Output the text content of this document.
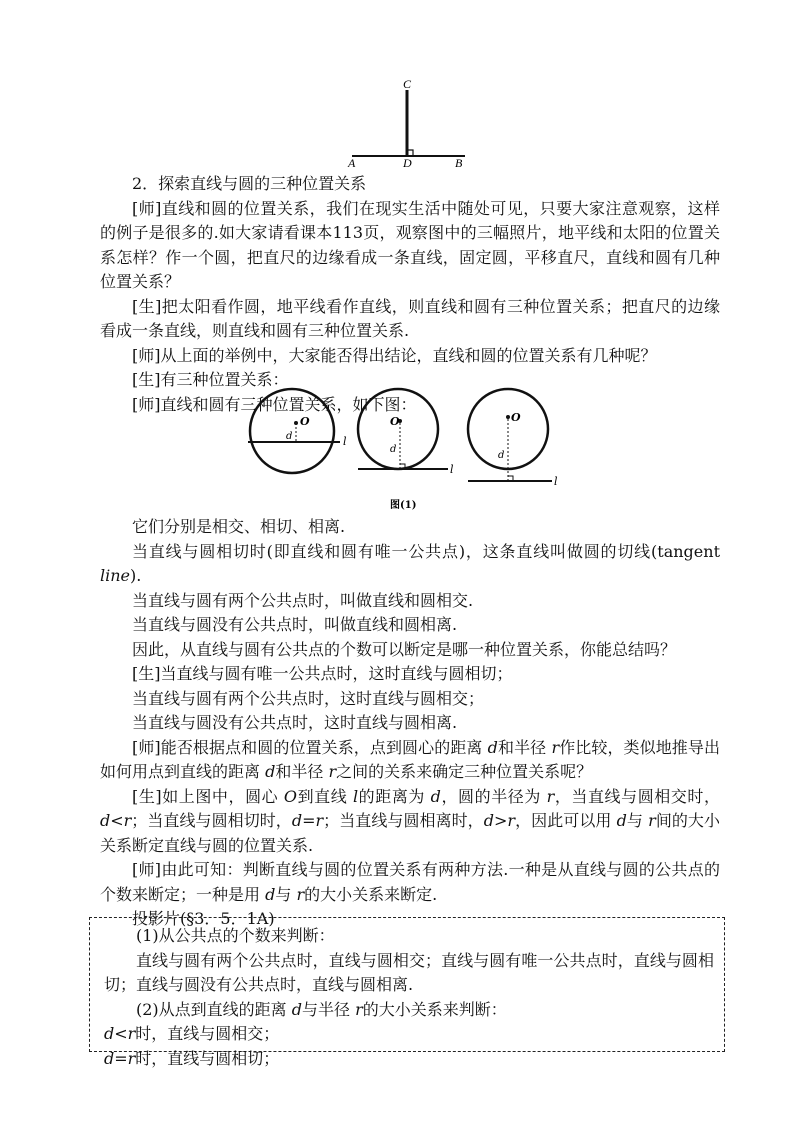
C
A	D	B

2．探索直线与圆的三种位置关系

[师]直线和圆的位置关系，我们在现实生活中随处可见，只要大家注意观察，这样的例子是很多的.如大家请看课本113页，观察图中的三幅照片，地平线和太阳的位置关系怎样？作一个圆，把直尺的边缘看成一条直线，固定圆，平移直尺，直线和圆有几种位置关系？

[生]把太阳看作圆，地平线看作直线，则直线和圆有三种位置关系；把直尺的边缘看成一条直线，则直线和圆有三种位置关系.

[师]从上面的举例中，大家能否得出结论，直线和圆的位置关系有几种呢？

[生]有三种位置关系：

[师]直线和圆有三种位置关系，如下图：

O
d	l
O
d
l
O
d
l
图(1)

它们分别是相交、相切、相离.

当直线与圆相切时(即直线和圆有唯一公共点)，这条直线叫做圆的切线(tangent line).

当直线与圆有两个公共点时，叫做直线和圆相交.

当直线与圆没有公共点时，叫做直线和圆相离.

因此，从直线与圆有公共点的个数可以断定是哪一种位置关系，你能总结吗？

[生]当直线与圆有唯一公共点时，这时直线与圆相切；

当直线与圆有两个公共点时，这时直线与圆相交；

当直线与圆没有公共点时，这时直线与圆相离.

[师]能否根据点和圆的位置关系，点到圆心的距离 d和半径 r作比较，类似地推导出如何用点到直线的距离 d和半径 r之间的关系来确定三种位置关系呢？

[生]如上图中，圆心 O到直线 l的距离为 d，圆的半径为 r，当直线与圆相交时，d<r；当直线与圆相切时，d=r；当直线与圆相离时，d>r，因此可以用 d与 r间的大小关系断定直线与圆的位置关系.

[师]由此可知：判断直线与圆的位置关系有两种方法.一种是从直线与圆的公共点的个数来断定；一种是用 d与 r的大小关系来断定.

投影片(§3．5．1A)

(1)从公共点的个数来判断：

直线与圆有两个公共点时，直线与圆相交；直线与圆有唯一公共点时，直线与圆相切；直线与圆没有公共点时，直线与圆相离.

(2)从点到直线的距离 d与半径 r的大小关系来判断：

d<r时，直线与圆相交；

d=r时，直线与圆相切；
